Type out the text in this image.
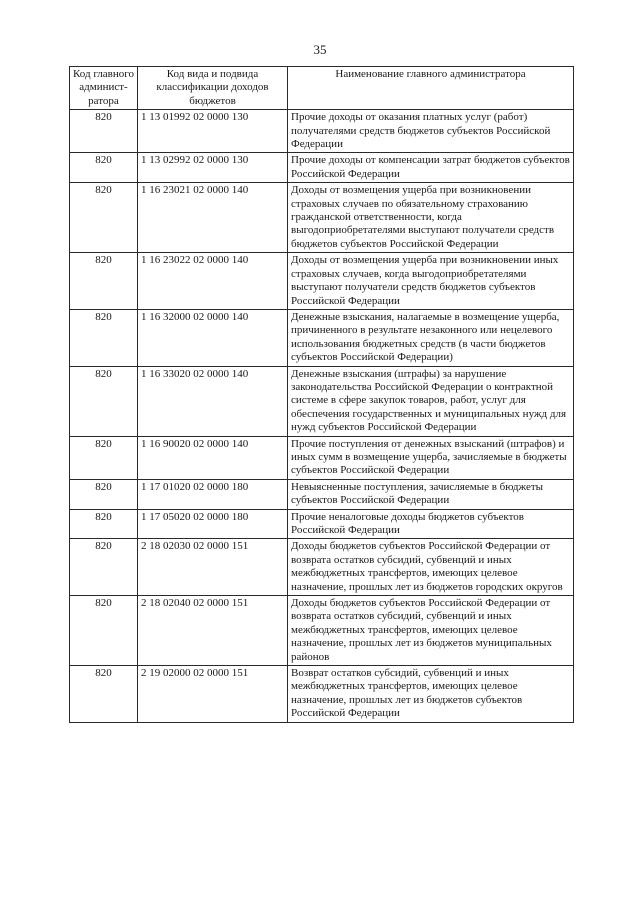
35
Код главного админист-ратора	Код вида и подвида классификации доходов бюджетов	Наименование главного администратора
820	1 13 01992 02 0000 130	Прочие доходы от оказания платных услуг (работ) получателями средств бюджетов субъектов Российской Федерации
820	1 13 02992 02 0000 130	Прочие доходы от компенсации затрат бюджетов субъектов Российской Федерации
820	1 16 23021 02 0000 140	Доходы от возмещения ущерба при возникновении страховых случаев по обязательному страхованию гражданской ответственности, когда выгодоприобретателями выступают получатели средств бюджетов субъектов Российской Федерации
820	1 16 23022 02 0000 140	Доходы от возмещения ущерба при возникновении иных страховых случаев, когда выгодоприобретателями выступают получатели средств бюджетов субъектов Российской Федерации
820	1 16 32000 02 0000 140	Денежные взыскания, налагаемые в возмещение ущерба, причиненного в результате незаконного или нецелевого использования бюджетных средств (в части бюджетов субъектов Российской Федерации)
820	1 16 33020 02 0000 140	Денежные взыскания (штрафы) за нарушение законодательства Российской Федерации о контрактной системе в сфере закупок товаров, работ, услуг для обеспечения государственных и муниципальных нужд для нужд субъектов Российской Федерации
820	1 16 90020 02 0000 140	Прочие поступления от денежных взысканий (штрафов) и иных сумм в возмещение ущерба, зачисляемые в бюджеты субъектов Российской Федерации
820	1 17 01020 02 0000 180	Невыясненные поступления, зачисляемые в бюджеты субъектов Российской Федерации
820	1 17 05020 02 0000 180	Прочие неналоговые доходы бюджетов субъектов Российской Федерации
820	2 18 02030 02 0000 151	Доходы бюджетов субъектов Российской Федерации от возврата остатков субсидий, субвенций и иных межбюджетных трансфертов, имеющих целевое назначение, прошлых лет из бюджетов городских округов
820	2 18 02040 02 0000 151	Доходы бюджетов субъектов Российской Федерации от возврата остатков субсидий, субвенций и иных межбюджетных трансфертов, имеющих целевое назначение, прошлых лет из бюджетов муниципальных районов
820	2 19 02000 02 0000 151	Возврат остатков субсидий, субвенций и иных межбюджетных трансфертов, имеющих целевое назначение, прошлых лет из бюджетов субъектов Российской Федерации
